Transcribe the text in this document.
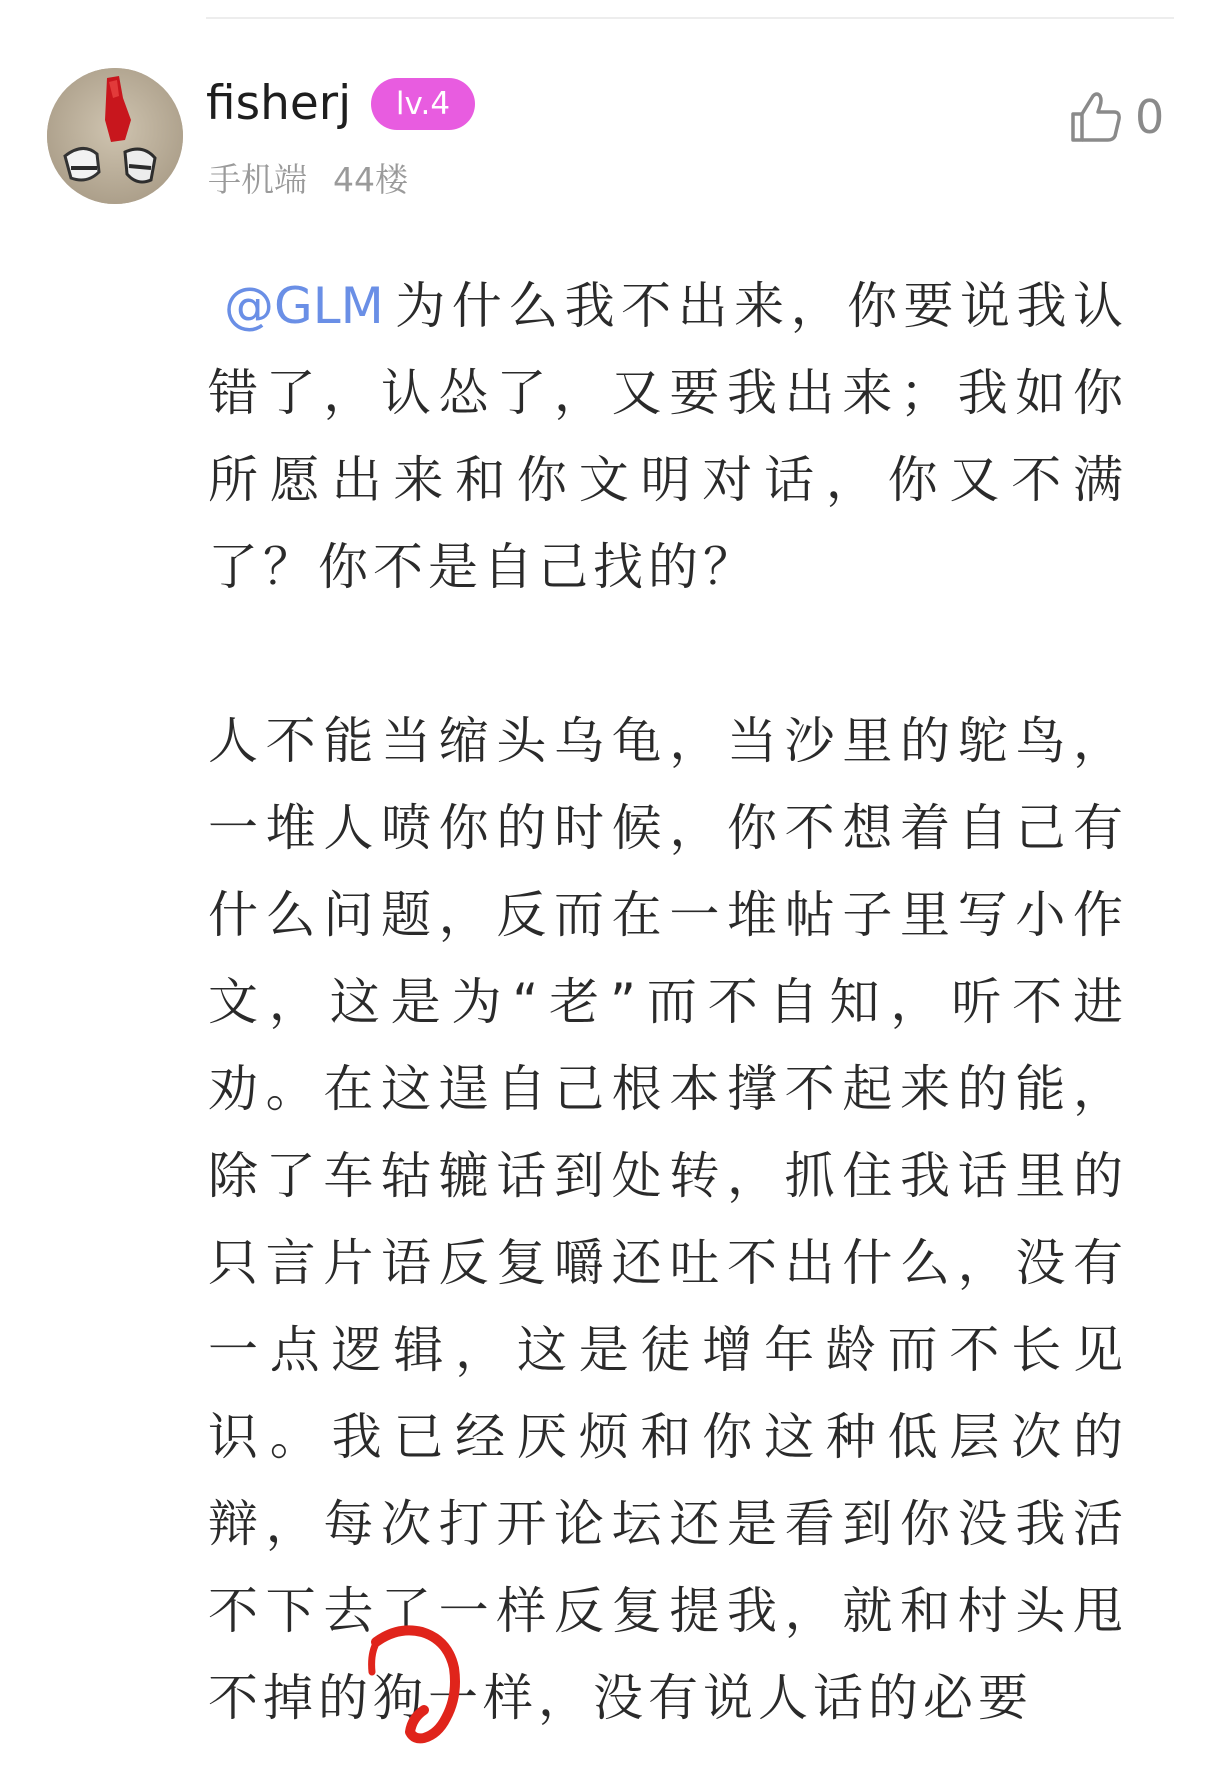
fisherj	lv.4
手机端 44楼
0

@GLM 为什么我不出来，你要说我认错了，认怂了，又要我出来；我如你所愿出来和你文明对话，你又不满了？你不是自己找的？

人不能当缩头乌龟，当沙里的鸵鸟，一堆人喷你的时候，你不想着自己有什么问题，反而在一堆帖子里写小作文，这是为“老”而不自知，听不进劝。在这逞自己根本撑不起来的能，除了车轱辘话到处转，抓住我话里的只言片语反复嚼还吐不出什么，没有一点逻辑，这是徒增年龄而不长见识。我已经厌烦和你这种低层次的辩，每次打开论坛还是看到你没我活不下去了一样反复提我，就和村头甩不掉的狗一样，没有说人话的必要
